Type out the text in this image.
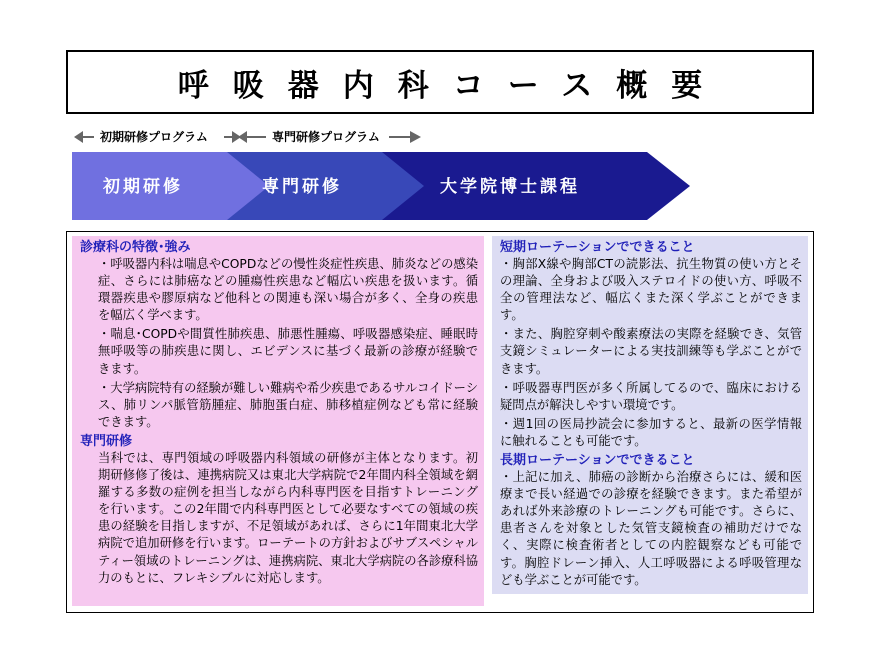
呼吸器内科コース概要
初期研修プログラム	専門研修プログラム
初期研修	専門研修	大学院博士課程
診療科の特徴･強み
・呼吸器内科は喘息やCOPDなどの慢性炎症性疾患、肺炎などの感染症、さらには肺癌などの腫瘍性疾患など幅広い疾患を扱います。循環器疾患や膠原病など他科との関連も深い場合が多く、全身の疾患を幅広く学べます。
・喘息･COPDや間質性肺疾患、肺悪性腫瘍、呼吸器感染症、睡眠時無呼吸等の肺疾患に関し、エビデンスに基づく最新の診療が経験できます。
・大学病院特有の経験が難しい難病や希少疾患であるサルコイドーシス、肺リンパ脈管筋腫症、肺胞蛋白症、肺移植症例なども常に経験できます。
専門研修
当科では、専門領域の呼吸器内科領域の研修が主体となります。初期研修修了後は、連携病院又は東北大学病院で2年間内科全領域を網羅する多数の症例を担当しながら内科専門医を目指すトレーニングを行います。この2年間で内科専門医として必要なすべての領域の疾患の経験を目指しますが、不足領域があれば、さらに1年間東北大学病院で追加研修を行います。ローテートの方針およびサブスペシャルティー領域のトレーニングは、連携病院、東北大学病院の各診療科協力のもとに、フレキシブルに対応します。
短期ローテーションでできること
・胸部X線や胸部CTの読影法、抗生物質の使い方とその理論、全身および吸入ステロイドの使い方、呼吸不全の管理法など、幅広くまた深く学ぶことができます。
・また、胸腔穿刺や酸素療法の実際を経験でき、気管支鏡シミュレーターによる実技訓練等も学ぶことができます。
・呼吸器専門医が多く所属してるので、臨床における疑問点が解決しやすい環境です。
・週1回の医局抄読会に参加すると、最新の医学情報に触れることも可能です。
長期ローテーションでできること
・上記に加え、肺癌の診断から治療さらには、緩和医療まで長い経過での診療を経験できます。また希望があれば外来診療のトレーニングも可能です。さらに、患者さんを対象とした気管支鏡検査の補助だけでなく、実際に検査術者としての内腔観察なども可能です。胸腔ドレーン挿入、人工呼吸器による呼吸管理なども学ぶことが可能です。
